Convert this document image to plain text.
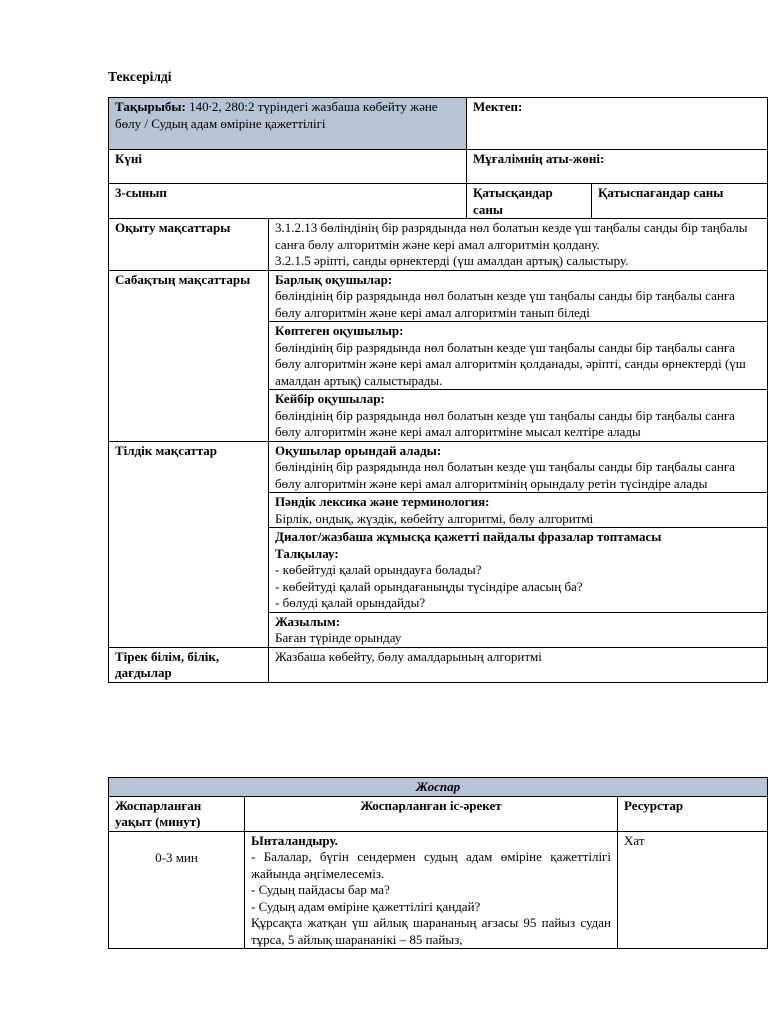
Тексерілді
Тақырыбы: 140∙2, 280:2 түріндегі жазбаша көбейту және бөлу / Судың адам өміріне қажеттілігі		Мектеп:	
Күні		Мұғалімнің аты-жөні:	
3-сынып		Қатысқандар саны	Қатыспағандар саны
Оқыту мақсаттары	3.1.2.13 бөліндінің бір разрядында нөл болатын кезде үш таңбалы санды бір таңбалы санға бөлу алгоритмін және кері амал алгоритмін қолдану.
3.2.1.5 әріпті, санды өрнектерді (үш амалдан артық) салыстыру.		

Сабақтың мақсаттары	Барлық оқушылар:
бөліндінің бір разрядында нөл болатын кезде үш таңбалы санды бір таңбалы санға бөлу алгоритмін және кері амал алгоритмін танып біледі		

	Көптеген оқушылыр:
бөліндінің бір разрядында нөл болатын кезде үш таңбалы санды бір таңбалы санға бөлу алгоритмін және кері амал алгоритмін қолданады, әріпті, санды өрнектерді (үш амалдан артық) салыстырады.		

	Кейбір оқушылар:
бөліндінің бір разрядында нөл болатын кезде үш таңбалы санды бір таңбалы санға бөлу алгоритмін және кері амал алгоритміне мысал келтіре алады		

Тілдік мақсаттар	Оқушылар орындай алады:
бөліндінің бір разрядында нөл болатын кезде үш таңбалы санды бір таңбалы санға бөлу алгоритмін және кері амал алгоритмінің орындалу ретін түсіндіре алады		

	Пәндік лексика және терминология:
Бірлік, ондық, жүздік, көбейту алгоритмі, бөлу алгоритмі		

	Диалог/жазбаша жұмысқа қажетті пайдалы фразалар топтамасы
Талқылау:
- көбейтуді қалай орындауға болады?
- көбейтуді қалай орындағаныңды түсіндіре аласың ба?
- бөлуді қалай орындайды?		

	Жазылым:
Баған түрінде орындау		

Тірек білім, білік, дағдылар	Жазбаша көбейту, бөлу амалдарының алгоритмі		
Жоспар		
Жоспарланған уақыт (минут)	Жоспарланған іс-әрекет	Ресурстар
0-3 мин	Ынталандыру.
- Балалар, бүгін сендермен судың адам өміріне қажеттілігі жайында әңгімелесеміз.
- Судың пайдасы бар ма?
- Судың адам өміріне қажеттілігі қандай?
Құрсақта жатқан үш айлық шарананың ағзасы 95 пайыз судан тұрса, 5 айлық шарананікі – 85 пайыз,	Хат
